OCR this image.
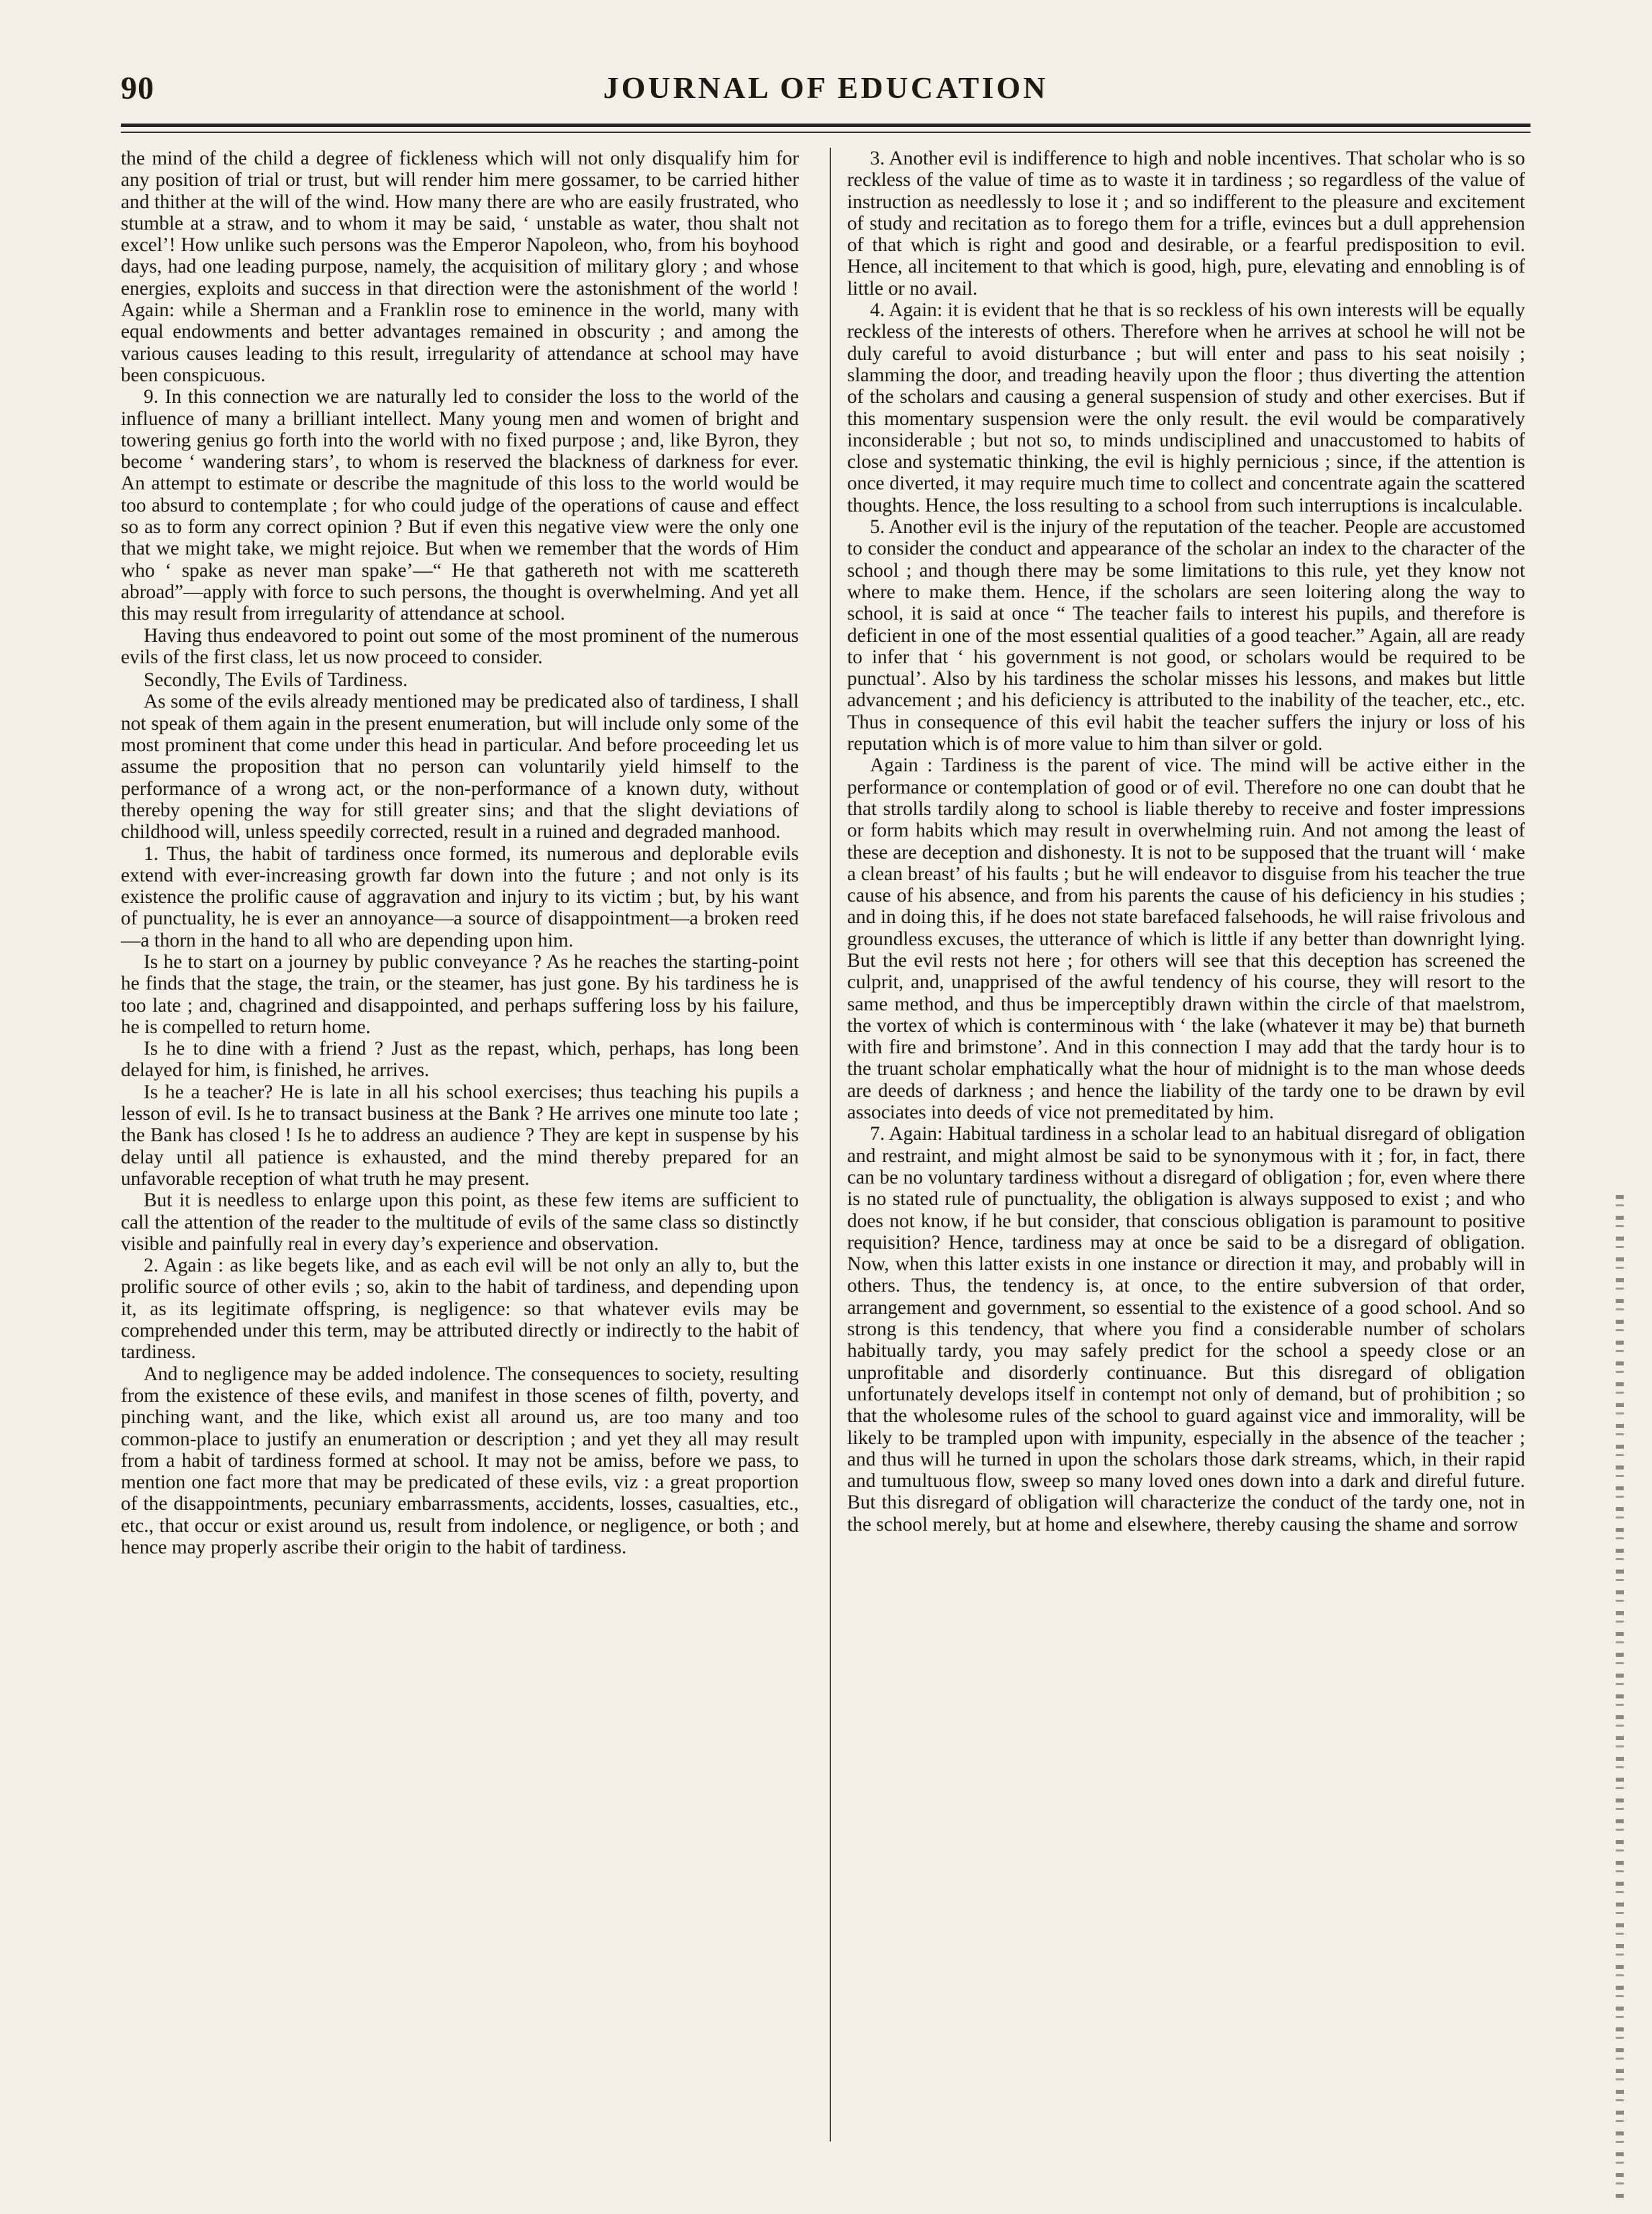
JOURNAL OF EDUCATION
90

the mind of the child a degree of fickleness which will not only disqualify him for any position of trial or trust, but will render him mere gossamer, to be carried hither and thither at the will of the wind. How many there are who are easily frustrated, who stumble at a straw, and to whom it may be said, ‘ unstable as water, thou shalt not excel’! How unlike such persons was the Emperor Napoleon, who, from his boyhood days, had one leading purpose, namely, the acquisition of military glory ; and whose energies, exploits and success in that direction were the astonishment of the world ! Again: while a Sherman and a Franklin rose to eminence in the world, many with equal endowments and better advantages remained in obscurity ; and among the various causes leading to this result, irregularity of attendance at school may have been conspicuous.

9. In this connection we are naturally led to consider the loss to the world of the influence of many a brilliant intellect. Many young men and women of bright and towering genius go forth into the world with no fixed purpose ; and, like Byron, they become ‘ wandering stars’, to whom is reserved the blackness of darkness for ever. An attempt to estimate or describe the magnitude of this loss to the world would be too absurd to contemplate ; for who could judge of the operations of cause and effect so as to form any correct opinion ? But if even this negative view were the only one that we might take, we might rejoice. But when we remember that the words of Him who ‘ spake as never man spake’—“ He that gathereth not with me scattereth abroad”—apply with force to such persons, the thought is overwhelming. And yet all this may result from irregularity of attendance at school.

Having thus endeavored to point out some of the most prominent of the numerous evils of the first class, let us now proceed to consider.

Secondly, The Evils of Tardiness.

As some of the evils already mentioned may be predicated also of tardiness, I shall not speak of them again in the present enumeration, but will include only some of the most prominent that come under this head in particular. And before proceeding let us assume the proposition that no person can voluntarily yield himself to the performance of a wrong act, or the non-performance of a known duty, without thereby opening the way for still greater sins; and that the slight deviations of childhood will, unless speedily corrected, result in a ruined and degraded manhood.

1. Thus, the habit of tardiness once formed, its numerous and deplorable evils extend with ever-increasing growth far down into the future ; and not only is its existence the prolific cause of aggravation and injury to its victim ; but, by his want of punctuality, he is ever an annoyance—a source of disappointment—a broken reed —a thorn in the hand to all who are depending upon him.

Is he to start on a journey by public conveyance ? As he reaches the starting-point he finds that the stage, the train, or the steamer, has just gone. By his tardiness he is too late ; and, chagrined and disappointed, and perhaps suffering loss by his failure, he is compelled to return home.

Is he to dine with a friend ? Just as the repast, which, perhaps, has long been delayed for him, is finished, he arrives.

Is he a teacher? He is late in all his school exercises; thus teaching his pupils a lesson of evil. Is he to transact business at the Bank ? He arrives one minute too late ; the Bank has closed ! Is he to address an audience ? They are kept in suspense by his delay until all patience is exhausted, and the mind thereby prepared for an unfavorable reception of what truth he may present.

But it is needless to enlarge upon this point, as these few items are sufficient to call the attention of the reader to the multitude of evils of the same class so distinctly visible and painfully real in every day’s experience and observation.

2. Again : as like begets like, and as each evil will be not only an ally to, but the prolific source of other evils ; so, akin to the habit of tardiness, and depending upon it, as its legitimate offspring, is negligence: so that whatever evils may be comprehended under this term, may be attributed directly or indirectly to the habit of tardiness.

And to negligence may be added indolence. The consequences to society, resulting from the existence of these evils, and manifest in those scenes of filth, poverty, and pinching want, and the like, which exist all around us, are too many and too common-place to justify an enumeration or description ; and yet they all may result from a habit of tardiness formed at school. It may not be amiss, before we pass, to mention one fact more that may be predicated of these evils, viz : a great proportion of the disappointments, pecuniary embarrassments, accidents, losses, casualties, etc., etc., that occur or exist around us, result from indolence, or negligence, or both ; and hence may properly ascribe their origin to the habit of tardiness.

3. Another evil is indifference to high and noble incentives. That scholar who is so reckless of the value of time as to waste it in tardiness ; so regardless of the value of instruction as needlessly to lose it ; and so indifferent to the pleasure and excitement of study and recitation as to forego them for a trifle, evinces but a dull apprehension of that which is right and good and desirable, or a fearful predisposition to evil. Hence, all incitement to that which is good, high, pure, elevating and ennobling is of little or no avail.

4. Again: it is evident that he that is so reckless of his own interests will be equally reckless of the interests of others. Therefore when he arrives at school he will not be duly careful to avoid disturbance ; but will enter and pass to his seat noisily ; slamming the door, and treading heavily upon the floor ; thus diverting the attention of the scholars and causing a general suspension of study and other exercises. But if this momentary suspension were the only result. the evil would be comparatively inconsiderable ; but not so, to minds undisciplined and unaccustomed to habits of close and systematic thinking, the evil is highly pernicious ; since, if the attention is once diverted, it may require much time to collect and concentrate again the scattered thoughts. Hence, the loss resulting to a school from such interruptions is incalculable.

5. Another evil is the injury of the reputation of the teacher. People are accustomed to consider the conduct and appearance of the scholar an index to the character of the school ; and though there may be some limitations to this rule, yet they know not where to make them. Hence, if the scholars are seen loitering along the way to school, it is said at once “ The teacher fails to interest his pupils, and therefore is deficient in one of the most essential qualities of a good teacher.” Again, all are ready to infer that ‘ his government is not good, or scholars would be required to be punctual’. Also by his tardiness the scholar misses his lessons, and makes but little advancement ; and his deficiency is attributed to the inability of the teacher, etc., etc. Thus in consequence of this evil habit the teacher suffers the injury or loss of his reputation which is of more value to him than silver or gold.

Again : Tardiness is the parent of vice. The mind will be active either in the performance or contemplation of good or of evil. Therefore no one can doubt that he that strolls tardily along to school is liable thereby to receive and foster impressions or form habits which may result in overwhelming ruin. And not among the least of these are deception and dishonesty. It is not to be supposed that the truant will ‘ make a clean breast’ of his faults ; but he will endeavor to disguise from his teacher the true cause of his absence, and from his parents the cause of his deficiency in his studies ; and in doing this, if he does not state barefaced falsehoods, he will raise frivolous and groundless excuses, the utterance of which is little if any better than downright lying. But the evil rests not here ; for others will see that this deception has screened the culprit, and, unapprised of the awful tendency of his course, they will resort to the same method, and thus be imperceptibly drawn within the circle of that maelstrom, the vortex of which is conterminous with ‘ the lake (whatever it may be) that burneth with fire and brimstone’. And in this connection I may add that the tardy hour is to the truant scholar emphatically what the hour of midnight is to the man whose deeds are deeds of darkness ; and hence the liability of the tardy one to be drawn by evil associates into deeds of vice not premeditated by him.

7. Again: Habitual tardiness in a scholar lead to an habitual disregard of obligation and restraint, and might almost be said to be synonymous with it ; for, in fact, there can be no voluntary tardiness without a disregard of obligation ; for, even where there is no stated rule of punctuality, the obligation is always supposed to exist ; and who does not know, if he but consider, that conscious obligation is paramount to positive requisition? Hence, tardiness may at once be said to be a disregard of obligation. Now, when this latter exists in one instance or direction it may, and probably will in others. Thus, the tendency is, at once, to the entire subversion of that order, arrangement and government, so essential to the existence of a good school. And so strong is this tendency, that where you find a considerable number of scholars habitually tardy, you may safely predict for the school a speedy close or an unprofitable and disorderly continuance. But this disregard of obligation unfortunately develops itself in contempt not only of demand, but of prohibition ; so that the wholesome rules of the school to guard against vice and immorality, will be likely to be trampled upon with impunity, especially in the absence of the teacher ; and thus will he turned in upon the scholars those dark streams, which, in their rapid and tumultuous flow, sweep so many loved ones down into a dark and direful future. But this disregard of obligation will characterize the conduct of the tardy one, not in the school merely, but at home and elsewhere, thereby causing the shame and sorrow
